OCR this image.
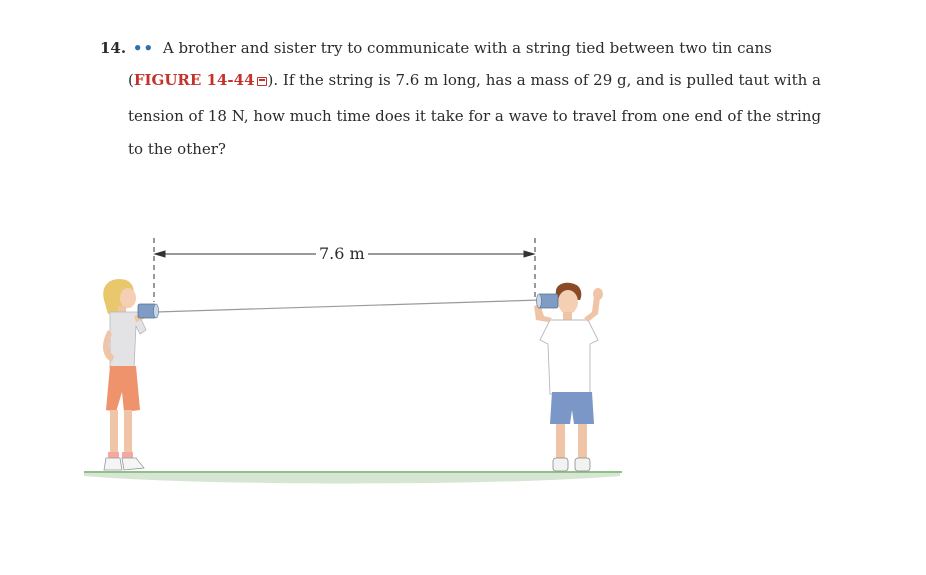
14. •• A brother and sister try to communicate with a string tied between two tin cans
(FIGURE 14-44 ). If the string is 7.6 m long, has a mass of 29 g, and is pulled taut with a
tension of 18 N, how much time does it take for a wave to travel from one end of the string
to the other?
7.6 m
